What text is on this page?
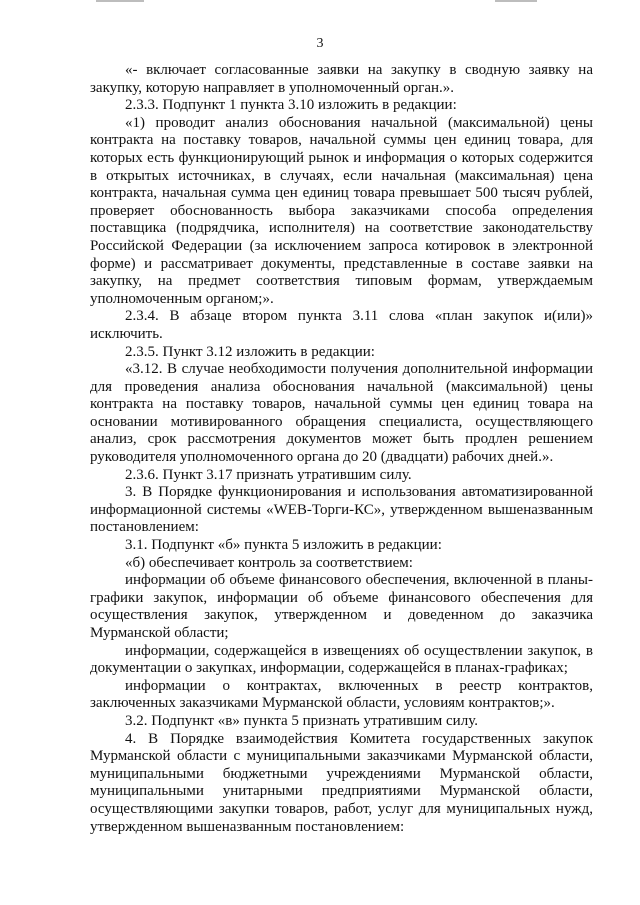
3

«- включает согласованные заявки на закупку в сводную заявку на закупку, которую направляет в уполномоченный орган.».

2.3.3. Подпункт 1 пункта 3.10 изложить в редакции:

«1) проводит анализ обоснования начальной (максимальной) цены контракта на поставку товаров, начальной суммы цен единиц товара, для которых есть функционирующий рынок и информация о которых содержится в открытых источниках, в случаях, если начальная (максимальная) цена контракта, начальная сумма цен единиц товара превышает 500 тысяч рублей, проверяет обоснованность выбора заказчиками способа определения поставщика (подрядчика, исполнителя) на соответствие законодательству Российской Федерации (за исключением запроса котировок в электронной форме) и рассматривает документы, представленные в составе заявки на закупку, на предмет соответствия типовым формам, утверждаемым уполномоченным органом;».

2.3.4. В абзаце втором пункта 3.11 слова «план закупок и(или)» исключить.

2.3.5. Пункт 3.12 изложить в редакции:

«3.12. В случае необходимости получения дополнительной информации для проведения анализа обоснования начальной (максимальной) цены контракта на поставку товаров, начальной суммы цен единиц товара на основании мотивированного обращения специалиста, осуществляющего анализ, срок рассмотрения документов может быть продлен решением руководителя уполномоченного органа до 20 (двадцати) рабочих дней.».

2.3.6. Пункт 3.17 признать утратившим силу.

3. В Порядке функционирования и использования автоматизированной информационной системы «WEB-Торги-КС», утвержденном вышеназванным постановлением:

3.1. Подпункт «б» пункта 5 изложить в редакции:

«б) обеспечивает контроль за соответствием:

информации об объеме финансового обеспечения, включенной в планы-графики закупок, информации об объеме финансового обеспечения для осуществления закупок, утвержденном и доведенном до заказчика Мурманской области;

информации, содержащейся в извещениях об осуществлении закупок, в документации о закупках, информации, содержащейся в планах-графиках;

информации о контрактах, включенных в реестр контрактов, заключенных заказчиками Мурманской области, условиям контрактов;».

3.2. Подпункт «в» пункта 5 признать утратившим силу.

4. В Порядке взаимодействия Комитета государственных закупок Мурманской области с муниципальными заказчиками Мурманской области, муниципальными бюджетными учреждениями Мурманской области, муниципальными унитарными предприятиями Мурманской области, осуществляющими закупки товаров, работ, услуг для муниципальных нужд, утвержденном вышеназванным постановлением:
